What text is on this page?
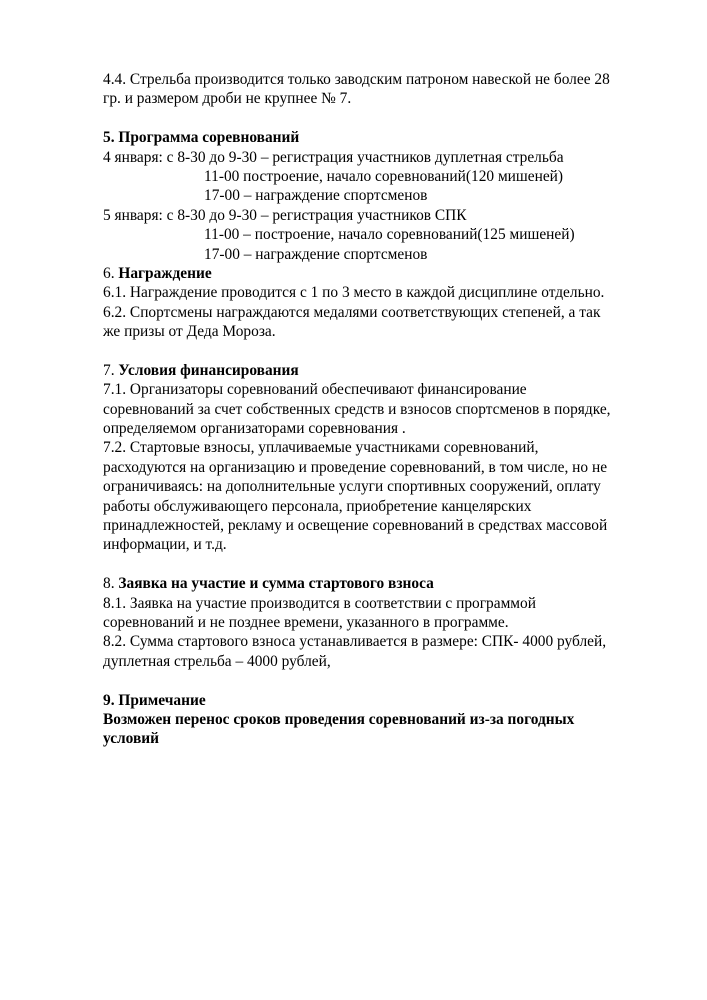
4.4. Стрельба производится только заводским патроном навеской не более 28
гр. и размером дроби не крупнее № 7.
5. Программа соревнований
4 января: с 8-30 до 9-30 – регистрация участников дуплетная стрельба
11-00 построение, начало соревнований(120 мишеней)
17-00 – награждение спортсменов
5 января: с 8-30 до 9-30 – регистрация участников СПК
11-00 – построение, начало соревнований(125 мишеней)
17-00 – награждение спортсменов
6. Награждение
6.1. Награждение проводится с 1 по 3 место в каждой дисциплине отдельно.
6.2. Спортсмены награждаются медалями соответствующих степеней, а так
же призы от Деда Мороза.
7. Условия финансирования
7.1. Организаторы соревнований обеспечивают финансирование
соревнований за счет собственных средств и взносов спортсменов в порядке,
определяемом организаторами соревнования .
7.2. Стартовые взносы, уплачиваемые участниками соревнований,
расходуются на организацию и проведение соревнований, в том числе, но не
ограничиваясь: на дополнительные услуги спортивных сооружений, оплату
работы обслуживающего персонала, приобретение канцелярских
принадлежностей, рекламу и освещение соревнований в средствах массовой
информации, и т.д.
8. Заявка на участие и сумма стартового взноса
8.1. Заявка на участие производится в соответствии с программой
соревнований и не позднее времени, указанного в программе.
8.2. Сумма стартового взноса устанавливается в размере: СПК- 4000 рублей,
дуплетная стрельба – 4000 рублей,
9. Примечание
Возможен перенос сроков проведения соревнований из-за погодных
условий
